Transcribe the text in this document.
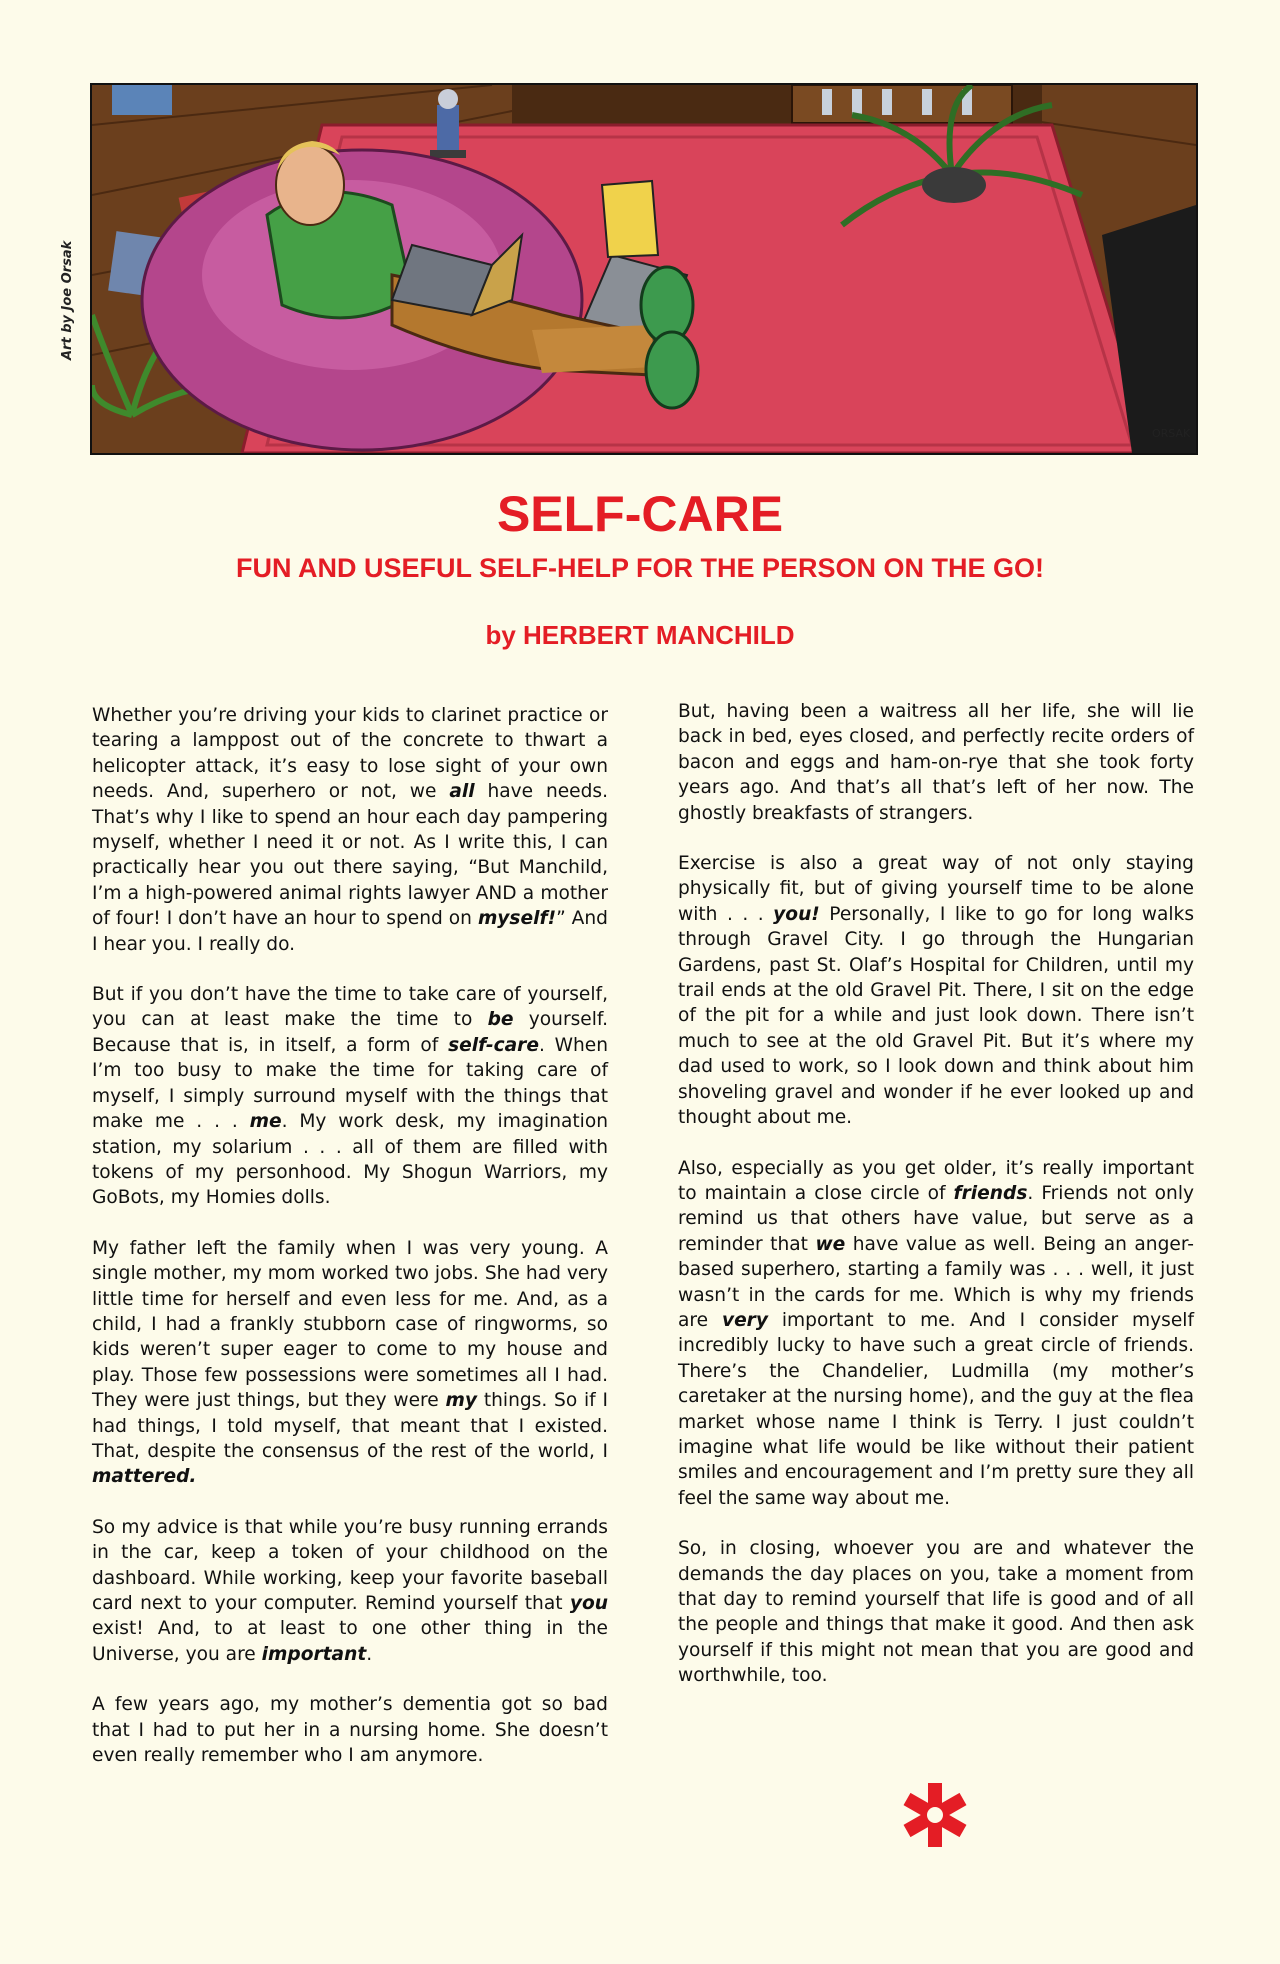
Art by Joe Orsak
ORSAK
SELF-CARE
FUN AND USEFUL SELF-HELP FOR THE PERSON ON THE GO!
by HERBERT MANCHILD

Whether you’re driving your kids to clarinet practice or tearing a lamppost out of the concrete to thwart a helicopter attack, it’s easy to lose sight of your own needs. And, superhero or not, we all have needs. That’s why I like to spend an hour each day pampering myself, whether I need it or not. As I write this, I can practically hear you out there saying, “But Manchild, I’m a high-powered animal rights lawyer AND a mother of four! I don’t have an hour to spend on myself!” And I hear you. I really do.

But if you don’t have the time to take care of yourself, you can at least make the time to be yourself. Because that is, in itself, a form of self-care. When I’m too busy to make the time for taking care of myself, I simply surround myself with the things that make me . . . me. My work desk, my imagination station, my solarium . . . all of them are filled with tokens of my personhood. My Shogun Warriors, my GoBots, my Homies dolls.

My father left the family when I was very young. A single mother, my mom worked two jobs. She had very little time for herself and even less for me. And, as a child, I had a frankly stubborn case of ringworms, so kids weren’t super eager to come to my house and play. Those few possessions were sometimes all I had. They were just things, but they were my things. So if I had things, I told myself, that meant that I existed. That, despite the consensus of the rest of the world, I mattered.

So my advice is that while you’re busy running errands in the car, keep a token of your childhood on the dashboard. While working, keep your favorite baseball card next to your computer. Remind yourself that you exist! And, to at least to one other thing in the Universe, you are important.

A few years ago, my mother’s dementia got so bad that I had to put her in a nursing home. She doesn’t even really remember who I am anymore.

But, having been a waitress all her life, she will lie back in bed, eyes closed, and perfectly recite orders of bacon and eggs and ham-on-rye that she took forty years ago. And that’s all that’s left of her now. The ghostly breakfasts of strangers.

Exercise is also a great way of not only staying physically fit, but of giving yourself time to be alone with . . . you! Personally, I like to go for long walks through Gravel City. I go through the Hungarian Gardens, past St. Olaf’s Hospital for Children, until my trail ends at the old Gravel Pit. There, I sit on the edge of the pit for a while and just look down. There isn’t much to see at the old Gravel Pit. But it’s where my dad used to work, so I look down and think about him shoveling gravel and wonder if he ever looked up and thought about me.

Also, especially as you get older, it’s really important to maintain a close circle of friends. Friends not only remind us that others have value, but serve as a reminder that we have value as well. Being an anger-based superhero, starting a family was . . . well, it just wasn’t in the cards for me. Which is why my friends are very important to me. And I consider myself incredibly lucky to have such a great circle of friends. There’s the Chandelier, Ludmilla (my mother’s caretaker at the nursing home), and the guy at the flea market whose name I think is Terry. I just couldn’t imagine what life would be like without their patient smiles and encouragement and I’m pretty sure they all feel the same way about me.

So, in closing, whoever you are and whatever the demands the day places on you, take a moment from that day to remind yourself that life is good and of all the people and things that make it good. And then ask yourself if this might not mean that you are good and worthwhile, too.
